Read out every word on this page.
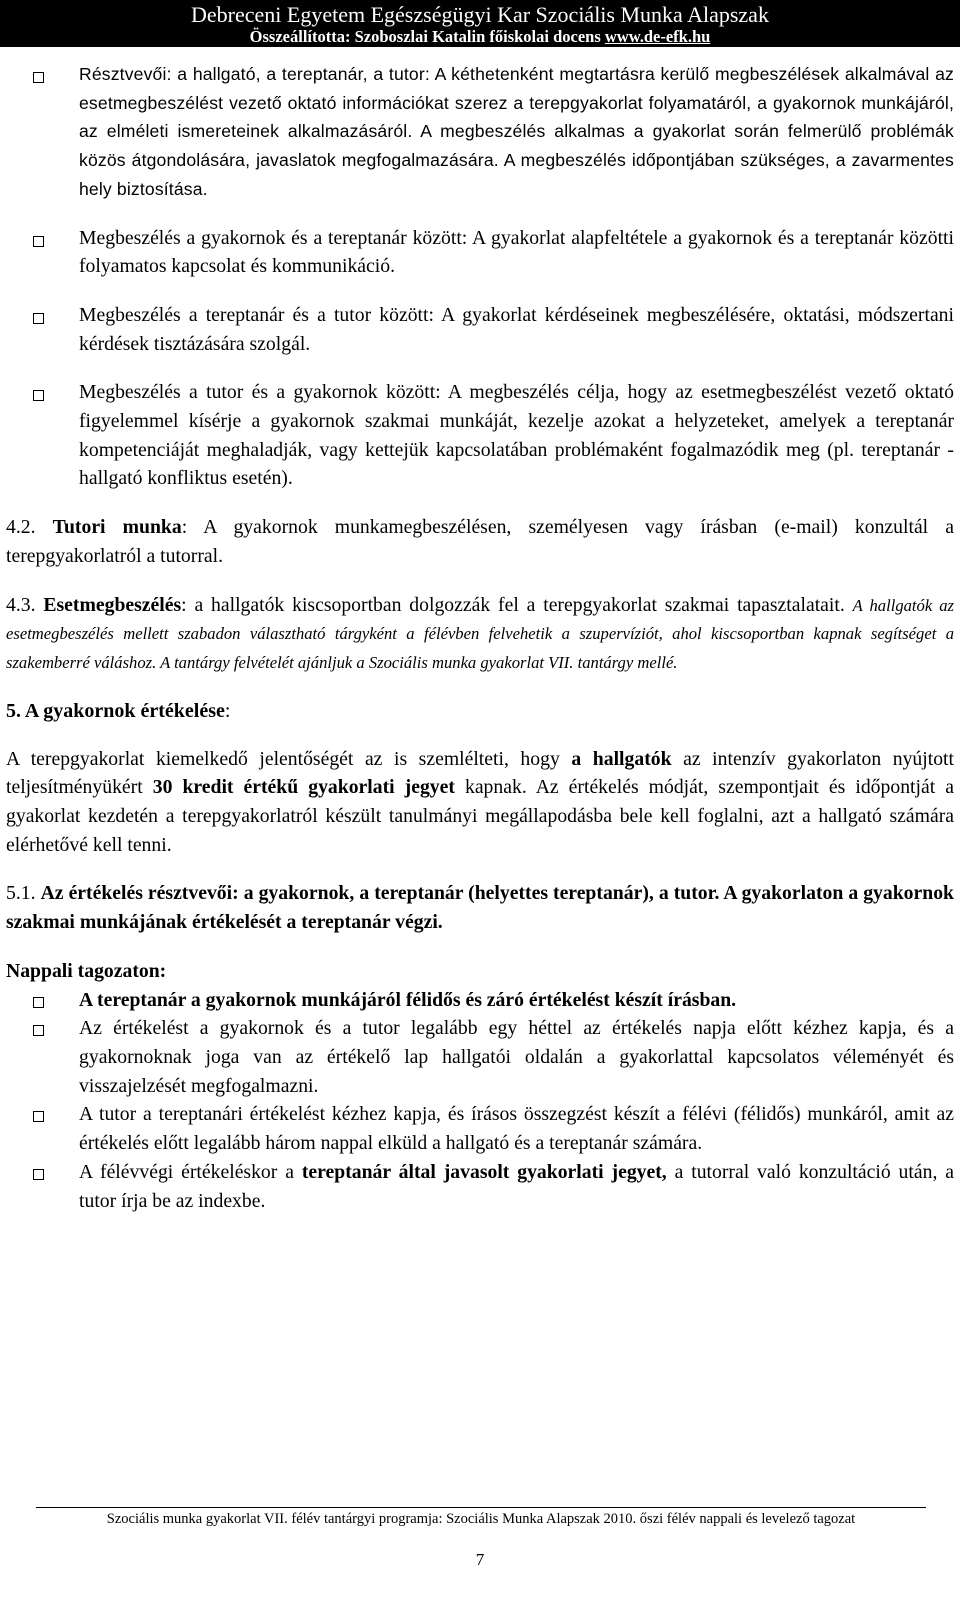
Debreceni Egyetem Egészségügyi Kar Szociális Munka Alapszak
Összeállította: Szoboszlai Katalin főiskolai docens www.de-efk.hu
Résztvevői: a hallgató, a tereptanár, a tutor: A kéthetenként megtartásra kerülő megbeszélések alkalmával az esetmegbeszélést vezető oktató információkat szerez a terepgyakorlat folyamatáról, a gyakornok munkájáról, az elméleti ismereteinek alkalmazásáról. A megbeszélés alkalmas a gyakorlat során felmerülő problémák közös átgondolására, javaslatok megfogalmazására. A megbeszélés időpontjában szükséges, a zavarmentes hely biztosítása.
Megbeszélés a gyakornok és a tereptanár között: A gyakorlat alapfeltétele a gyakornok és a tereptanár közötti folyamatos kapcsolat és kommunikáció.
Megbeszélés a tereptanár és a tutor között: A gyakorlat kérdéseinek megbeszélésére, oktatási, módszertani kérdések tisztázására szolgál.
Megbeszélés a tutor és a gyakornok között: A megbeszélés célja, hogy az esetmegbeszélést vezető oktató figyelemmel kísérje a gyakornok szakmai munkáját, kezelje azokat a helyzeteket, amelyek a tereptanár kompetenciáját meghaladják, vagy kettejük kapcsolatában problémaként fogalmazódik meg (pl. tereptanár - hallgató konfliktus esetén).
4.2. Tutori munka: A gyakornok munkamegbeszélésen, személyesen vagy írásban (e-mail) konzultál a terepgyakorlatról a tutorral.
4.3. Esetmegbeszélés: a hallgatók kiscsoportban dolgozzák fel a terepgyakorlat szakmai tapasztalatait. A hallgatók az esetmegbeszélés mellett szabadon választható tárgyként a félévben felvehetik a szupervíziót, ahol kiscsoportban kapnak segítséget a szakemberré váláshoz. A tantárgy felvételét ajánljuk a Szociális munka gyakorlat VII. tantárgy mellé.
5. A gyakornok értékelése:
A terepgyakorlat kiemelkedő jelentőségét az is szemlélteti, hogy a hallgatók az intenzív gyakorlaton nyújtott teljesítményükért 30 kredit értékű gyakorlati jegyet kapnak. Az értékelés módját, szempontjait és időpontját a gyakorlat kezdetén a terepgyakorlatról készült tanulmányi megállapodásba bele kell foglalni, azt a hallgató számára elérhetővé kell tenni.
5.1. Az értékelés résztvevői: a gyakornok, a tereptanár (helyettes tereptanár), a tutor. A gyakorlaton a gyakornok szakmai munkájának értékelését a tereptanár végzi.
Nappali tagozaton:
A tereptanár a gyakornok munkájáról félidős és záró értékelést készít írásban.
Az értékelést a gyakornok és a tutor legalább egy héttel az értékelés napja előtt kézhez kapja, és a gyakornoknak joga van az értékelő lap hallgatói oldalán a gyakorlattal kapcsolatos véleményét és visszajelzését megfogalmazni.
A tutor a tereptanári értékelést kézhez kapja, és írásos összegzést készít a félévi (félidős) munkáról, amit az értékelés előtt legalább három nappal elküld a hallgató és a tereptanár számára.
A félévvégi értékeléskor a tereptanár által javasolt gyakorlati jegyet, a tutorral való konzultáció után, a tutor írja be az indexbe.
Szociális munka gyakorlat VII. félév tantárgyi programja: Szociális Munka Alapszak 2010. őszi félév nappali és levelező tagozat
7
